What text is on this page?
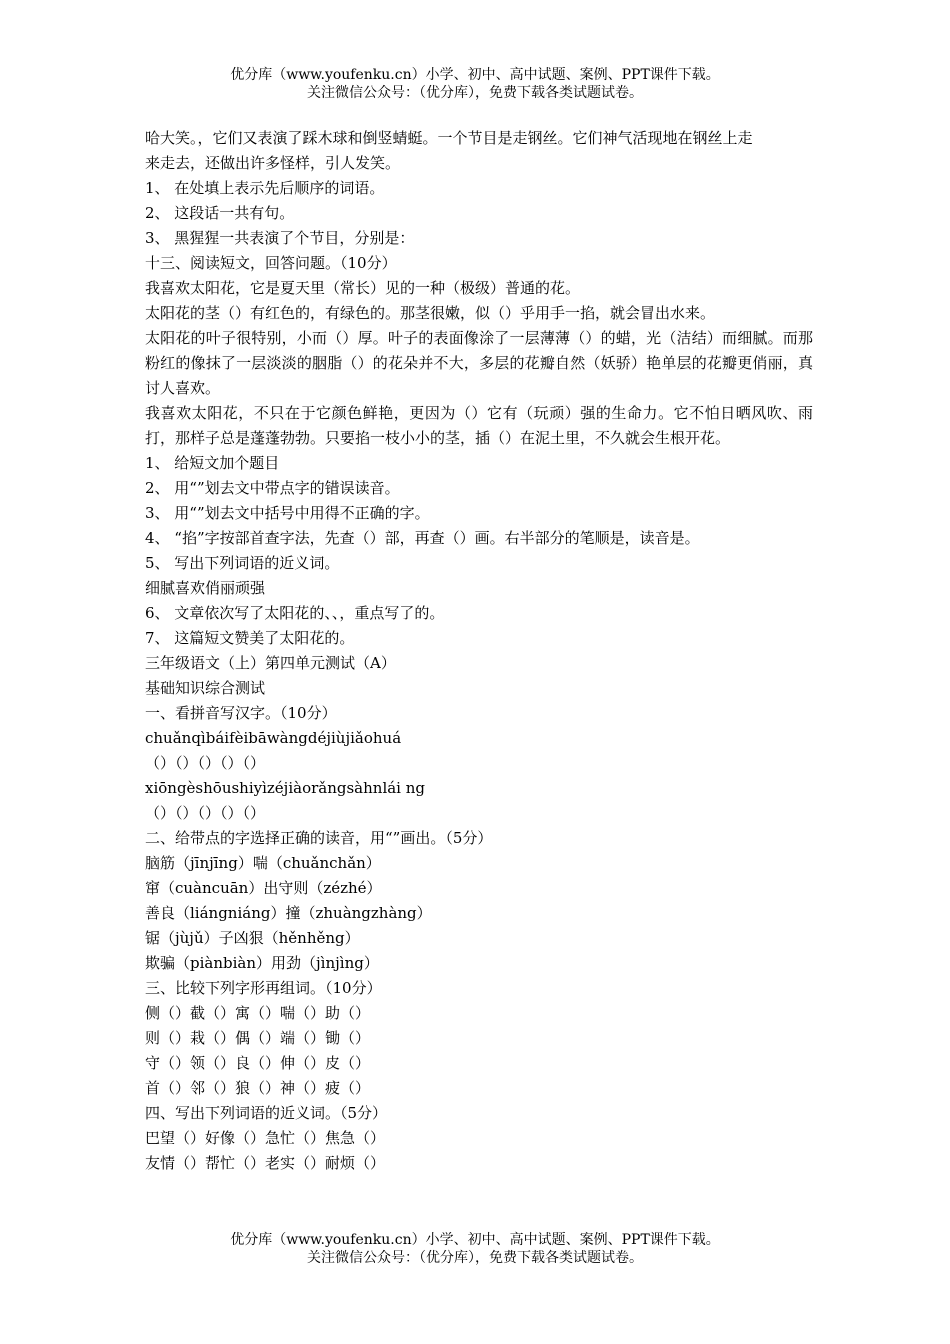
优分库（www.youfenku.cn）小学、初中、高中试题、案例、PPT课件下载。
关注微信公众号：（优分库），免费下载各类试题试卷。

哈大笑。，它们又表演了踩木球和倒竖蜻蜓。一个节目是走钢丝。它们神气活现地在钢丝上走

来走去，还做出许多怪样，引人发笑。

1、 在处填上表示先后顺序的词语。

2、 这段话一共有句。

3、 黑猩猩一共表演了个节目，分别是：

十三、阅读短文，回答问题。（10分）

我喜欢太阳花，它是夏天里（常长）见的一种（极级）普通的花。

太阳花的茎（）有红色的，有绿色的。那茎很嫩，似（）乎用手一掐，就会冒出水来。

太阳花的叶子很特别，小而（）厚。叶子的表面像涂了一层薄薄（）的蜡，光（洁结）而细腻。而那粉红的像抹了一层淡淡的胭脂（）的花朵并不大，多层的花瓣自然（妖骄）艳单层的花瓣更俏丽，真讨人喜欢。

我喜欢太阳花，不只在于它颜色鲜艳，更因为（）它有（玩顽）强的生命力。它不怕日晒风吹、雨打，那样子总是蓬蓬勃勃。只要掐一枝小小的茎，插（）在泥土里，不久就会生根开花。

1、 给短文加个题目

2、 用“”划去文中带点字的错误读音。

3、 用“”划去文中括号中用得不正确的字。

4、 “掐”字按部首查字法，先查（）部，再查（）画。右半部分的笔顺是，读音是。

5、 写出下列词语的近义词。

细腻喜欢俏丽顽强

6、 文章依次写了太阳花的、、，重点写了的。

7、 这篇短文赞美了太阳花的。

三年级语文（上）第四单元测试（A）

基础知识综合测试

一、看拼音写汉字。（10分）

chuǎnqìbáifèibāwàngdéjiùjiǎohuá

（）（）（）（）（）

xiōngèshōushiyìzéjiàorǎngsàhnlái ng

（）（）（）（）（）

二、给带点的字选择正确的读音，用“”画出。（5分）

脑筋（jīnjīng）喘（chuǎnchǎn）

窜（cuàncuān）出守则（zézhé）

善良（liángniáng）撞（zhuàngzhàng）

锯（jùjǔ）子凶狠（hěnhěng）

欺骗（piànbiàn）用劲（jìnjìng）

三、比较下列字形再组词。（10分）

侧（）截（）寓（）喘（）助（）

则（）栽（）偶（）端（）锄（）

守（）领（）良（）伸（）皮（）

首（）邻（）狼（）神（）疲（）

四、写出下列词语的近义词。（5分）

巴望（）好像（）急忙（）焦急（）

友情（）帮忙（）老实（）耐烦（）

优分库（www.youfenku.cn）小学、初中、高中试题、案例、PPT课件下载。
关注微信公众号：（优分库），免费下载各类试题试卷。
